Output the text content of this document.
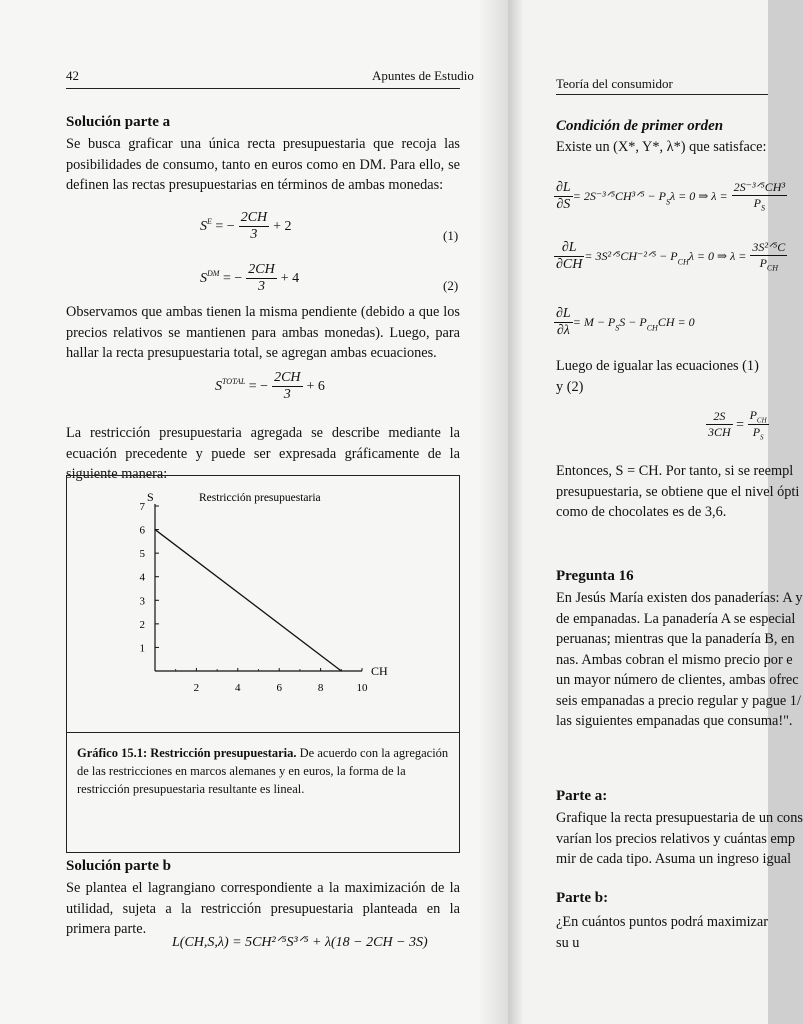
42	Apuntes de Estudio
Solución parte a
Se busca graficar una única recta presupuestaria que recoja las posibilidades de consumo, tanto en euros como en DM. Para ello, se definen las rectas presupuestarias en términos de ambas monedas:
$S^E$ = − $\frac{2CH}{3} + 2$
(1)
$S^{DM}$ = − $\frac{2CH}{3} + 4$	(2)
Observamos que ambas tienen la misma pendiente (debido a que los precios relativos se mantienen para ambas monedas). Luego, para hallar la recta presupuestaria total, se agregan ambas ecuaciones.
$S^{TOTAL}$ = − $\frac{2CH}{3} + 6$
La restricción presupuestaria agregada se describe mediante la ecuación precedente y puede ser expresada gráficamente de la siguiente manera:
Restricción presupuestaria
S
CH
1
2
3
4
5
6
7
2	4	6	8	10
Gráfico 15.1: Restricción presupuestaria. De acuerdo con la agregación de las restricciones en marcos alemanes y en euros, la forma de la restricción presupuestaria resultante es lineal.
Solución parte b
Se plantea el lagrangiano correspondiente a la maximización de la utilidad, sujeta a la restricción presupuestaria planteada en la primera parte.
L(CH,S,λ) = 5CH²ᐟ⁵S³ᐟ⁵ + λ(18 − 2CH − 3S)
Teoría del consumidor
Condición de primer orden
Existe un (X*, Y*, λ*) que satisface:
$\frac{\partial L}{\partial S}$ = 2S⁻³ᐟ⁵CH³ᐟ⁵ − $P_S\lambda = 0$ ⇒ $\lambda = \frac{\text{2S⁻³ᐟ⁵CH³}}{P_S}$
$\frac{\partial L}{\partial CH}$ = 3S²ᐟ⁵CH⁻²ᐟ⁵ − $P_{CH}\lambda = 0$ ⇒ $\lambda = \frac{\text{3S²ᐟ⁵C}}{P_{CH}}$
$\frac{\partial L}{\partial\lambda} = M - P_SS - P_{CH}CH = 0$
Luego de igualar las ecuaciones (1) y (2)
$\frac{2S}{3CH} = \frac{P_{CH}}{P_S}$
Entonces, S = CH. Por tanto, si se reempl
presupuestaria, se obtiene que el nivel ópti
como de chocolates es de 3,6.
Pregunta 16
En Jesús María existen dos panaderías: A y
de empanadas. La panadería A se especial
peruanas; mientras que la panadería B, en
nas. Ambas cobran el mismo precio por e
un mayor número de clientes, ambas ofrec
seis empanadas a precio regular y pague 1/
las siguientes empanadas que consuma!".
Parte a:
Grafique la recta presupuestaria de un cons
varían los precios relativos y cuántas emp
mir de cada tipo. Asuma un ingreso igual
Parte b:
¿En cuántos puntos podrá maximizar su u
